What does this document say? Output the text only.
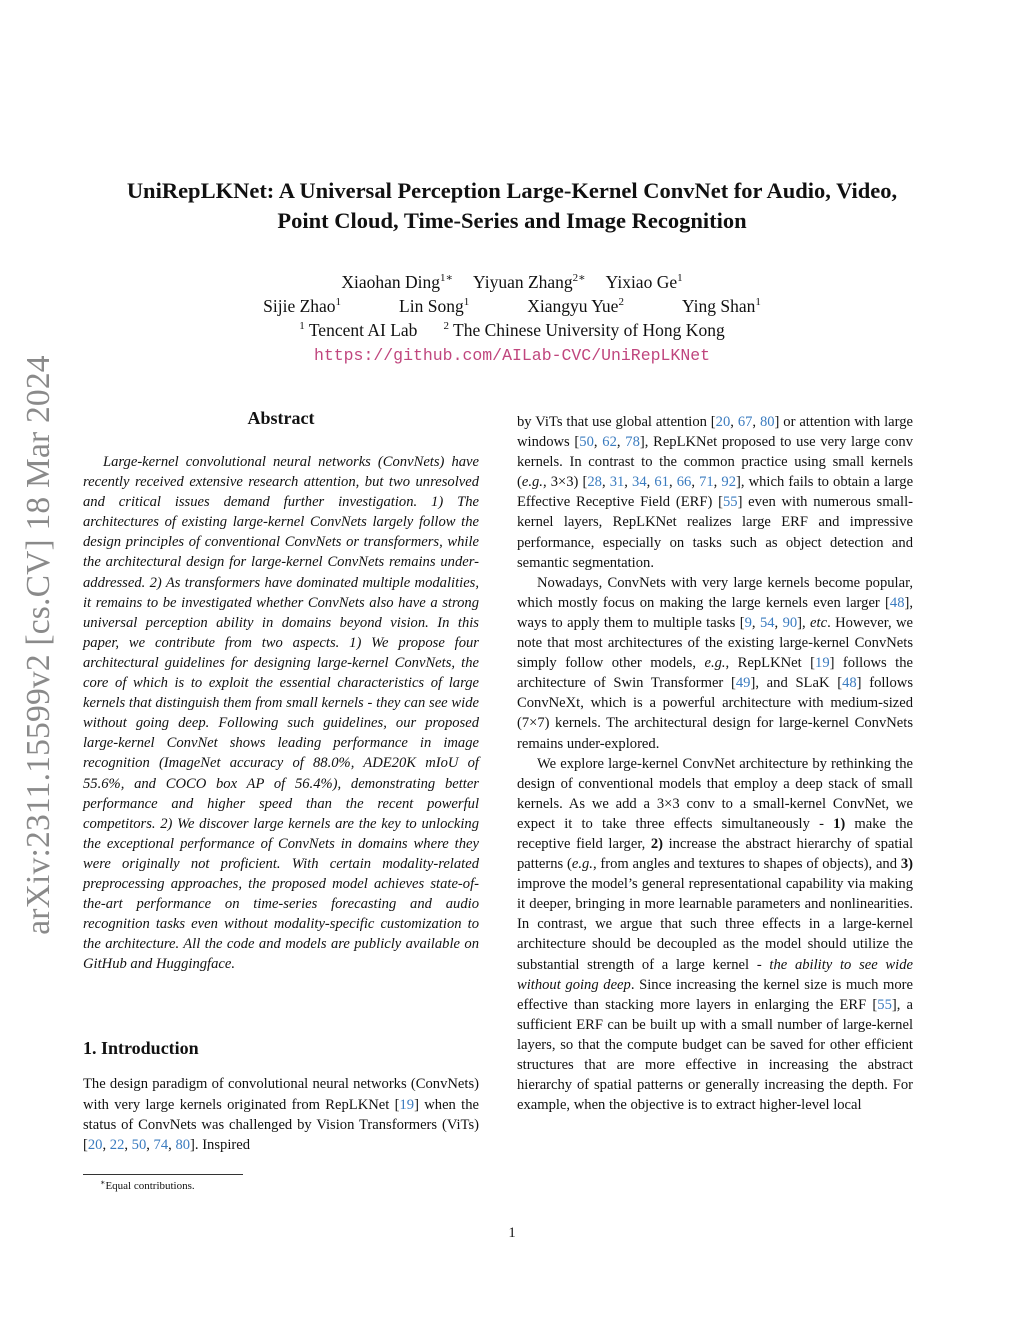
arXiv:2311.15599v2 [cs.CV] 18 Mar 2024
UniRepLKNet: A Universal Perception Large-Kernel ConvNet for Audio, Video,
Point Cloud, Time-Series and Image Recognition
Xiaohan Ding$^{1∗}$ Yiyuan Zhang$^{2∗}$ Yixiao Ge$^1$
Sijie Zhao$^1$	Lin Song$^1$	Xiangyu Yue$^2$	Ying Shan$^1$
$^1$ Tencent AI Lab $^2$ The Chinese University of Hong Kong
https://github.com/AILab-CVC/UniRepLKNet
Abstract

Large-kernel convolutional neural networks (ConvNets) have recently received extensive research attention, but two unresolved and critical issues demand further investigation. 1) The architectures of existing large-kernel ConvNets largely follow the design principles of conventional ConvNets or transformers, while the architectural design for large-kernel ConvNets remains under-addressed. 2) As transformers have dominated multiple modalities, it remains to be investigated whether ConvNets also have a strong universal perception ability in domains beyond vision. In this paper, we contribute from two aspects. 1) We propose four architectural guidelines for designing large-kernel ConvNets, the core of which is to exploit the essential characteristics of large kernels that distinguish them from small kernels - they can see wide without going deep. Following such guidelines, our proposed large-kernel ConvNet shows leading performance in image recognition (ImageNet accuracy of 88.0%, ADE20K mIoU of 55.6%, and COCO box AP of 56.4%), demonstrating better performance and higher speed than the recent powerful competitors. 2) We discover large kernels are the key to unlocking the exceptional performance of ConvNets in domains where they were originally not proficient. With certain modality-related preprocessing approaches, the proposed model achieves state-of-the-art performance on time-series forecasting and audio recognition tasks even without modality-specific customization to the architecture. All the code and models are publicly available on GitHub and Huggingface.

1. Introduction

The design paradigm of convolutional neural networks (ConvNets) with very large kernels originated from RepLKNet [19] when the status of ConvNets was challenged by Vision Transformers (ViTs) [20, 22, 50, 74, 80]. Inspired

by ViTs that use global attention [20, 67, 80] or attention with large windows [50, 62, 78], RepLKNet proposed to use very large conv kernels. In contrast to the common practice using small kernels (e.g., 3×3) [28, 31, 34, 61, 66, 71, 92], which fails to obtain a large Effective Receptive Field (ERF) [55] even with numerous small-kernel layers, RepLKNet realizes large ERF and impressive performance, especially on tasks such as object detection and semantic segmentation.

Nowadays, ConvNets with very large kernels become popular, which mostly focus on making the large kernels even larger [48], ways to apply them to multiple tasks [9, 54, 90], etc. However, we note that most architectures of the existing large-kernel ConvNets simply follow other models, e.g., RepLKNet [19] follows the architecture of Swin Transformer [49], and SLaK [48] follows ConvNeXt, which is a powerful architecture with medium-sized (7×7) kernels. The architectural design for large-kernel ConvNets remains under-explored.

We explore large-kernel ConvNet architecture by rethinking the design of conventional models that employ a deep stack of small kernels. As we add a 3×3 conv to a small-kernel ConvNet, we expect it to take three effects simultaneously - 1) make the receptive field larger, 2) increase the abstract hierarchy of spatial patterns (e.g., from angles and textures to shapes of objects), and 3) improve the model’s general representational capability via making it deeper, bringing in more learnable parameters and nonlinearities. In contrast, we argue that such three effects in a large-kernel architecture should be decoupled as the model should utilize the substantial strength of a large kernel - the ability to see wide without going deep. Since increasing the kernel size is much more effective than stacking more layers in enlarging the ERF [55], a sufficient ERF can be built up with a small number of large-kernel layers, so that the compute budget can be saved for other efficient structures that are more effective in increasing the abstract hierarchy of spatial patterns or generally increasing the depth. For example, when the objective is to extract higher-level local

∗Equal contributions.
1
